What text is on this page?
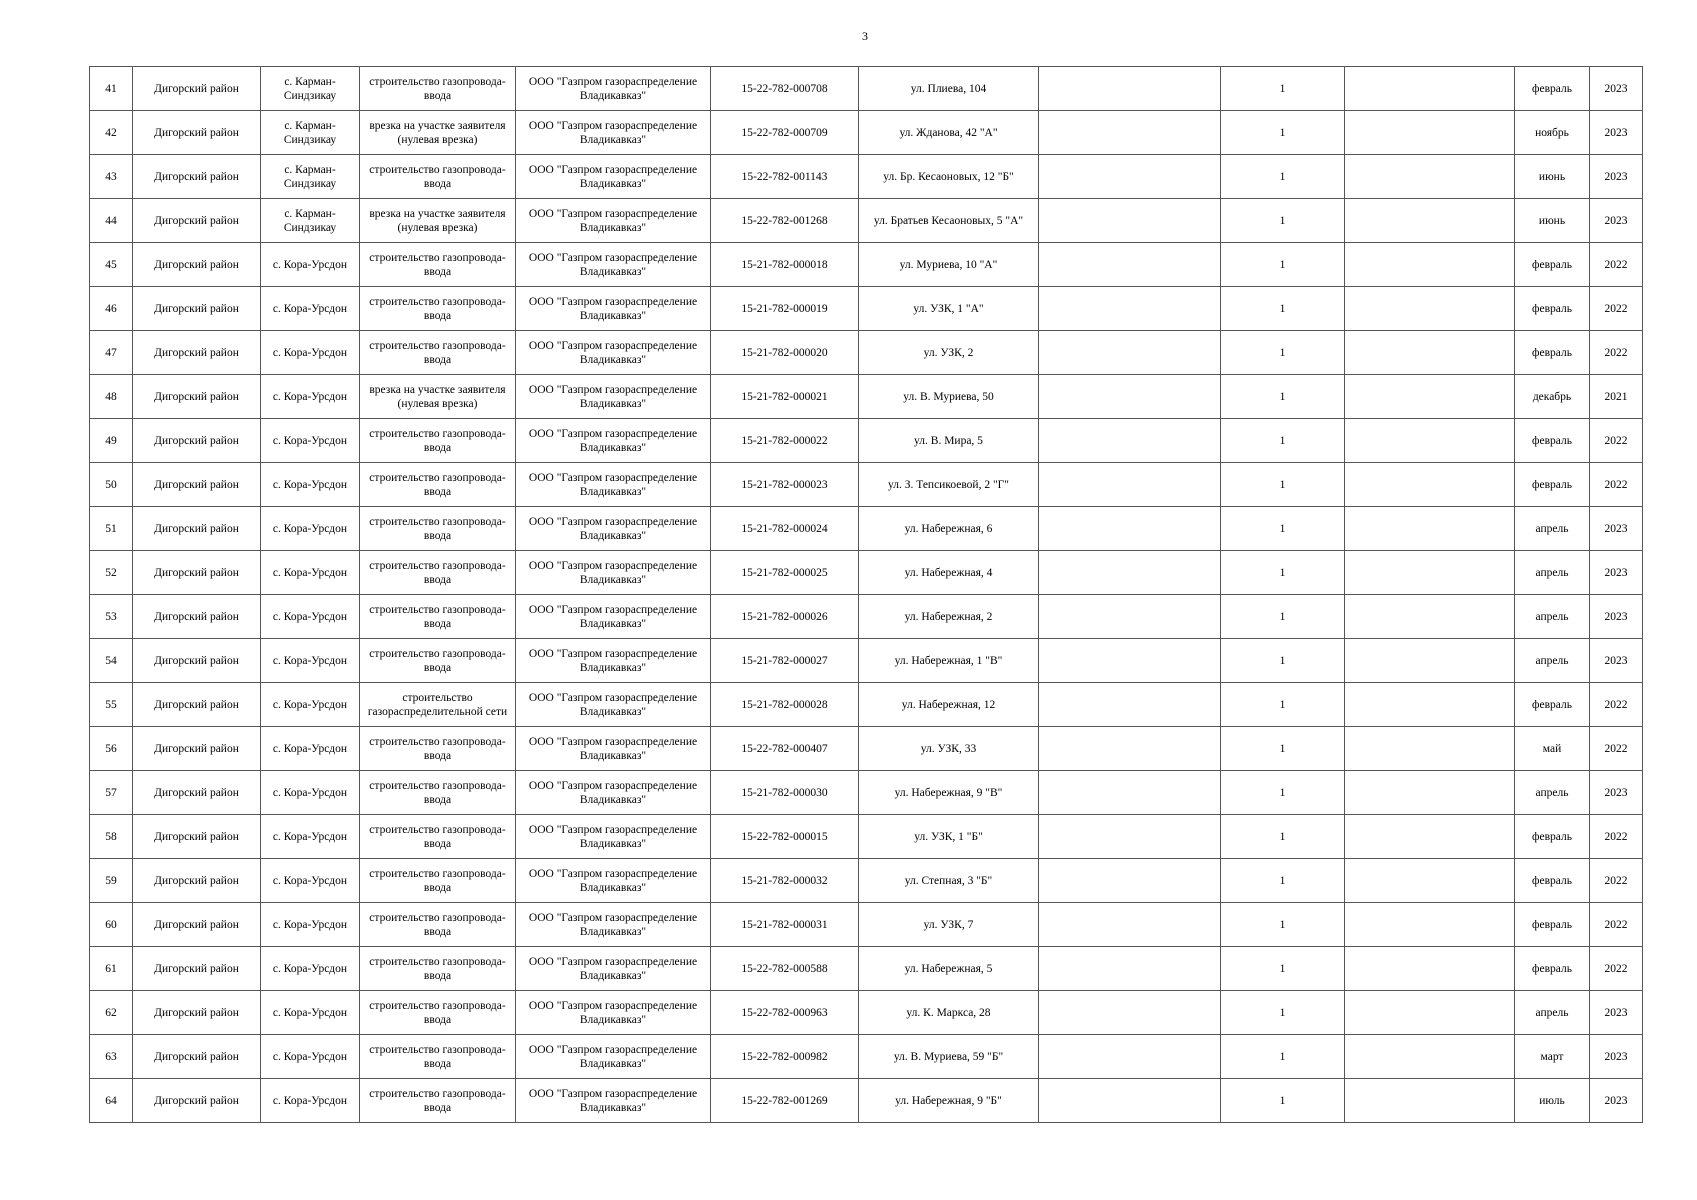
3
41	Дигорский район	с. Карман-Синдзикау	строительство газопровода-ввода	ООО "Газпром газораспределение Владикавказ"	15-22-782-000708	ул. Плиева, 104		1		февраль	2023
42	Дигорский район	с. Карман-Синдзикау	врезка на участке заявителя (нулевая врезка)	ООО "Газпром газораспределение Владикавказ"	15-22-782-000709	ул. Жданова, 42 "А"		1		ноябрь	2023
43	Дигорский район	с. Карман-Синдзикау	строительство газопровода-ввода	ООО "Газпром газораспределение Владикавказ"	15-22-782-001143	ул. Бр. Кесаоновых, 12 "Б"		1		июнь	2023
44	Дигорский район	с. Карман-Синдзикау	врезка на участке заявителя (нулевая врезка)	ООО "Газпром газораспределение Владикавказ"	15-22-782-001268	ул. Братьев Кесаоновых, 5 "А"		1		июнь	2023
45	Дигорский район	с. Кора-Урсдон	строительство газопровода-ввода	ООО "Газпром газораспределение Владикавказ"	15-21-782-000018	ул. Муриева, 10 "А"		1		февраль	2022
46	Дигорский район	с. Кора-Урсдон	строительство газопровода-ввода	ООО "Газпром газораспределение Владикавказ"	15-21-782-000019	ул. УЗК, 1 "А"		1		февраль	2022
47	Дигорский район	с. Кора-Урсдон	строительство газопровода-ввода	ООО "Газпром газораспределение Владикавказ"	15-21-782-000020	ул. УЗК, 2		1		февраль	2022
48	Дигорский район	с. Кора-Урсдон	врезка на участке заявителя (нулевая врезка)	ООО "Газпром газораспределение Владикавказ"	15-21-782-000021	ул. В. Муриева, 50		1		декабрь	2021
49	Дигорский район	с. Кора-Урсдон	строительство газопровода-ввода	ООО "Газпром газораспределение Владикавказ"	15-21-782-000022	ул. В. Мира, 5		1		февраль	2022
50	Дигорский район	с. Кора-Урсдон	строительство газопровода-ввода	ООО "Газпром газораспределение Владикавказ"	15-21-782-000023	ул. З. Тепсикоевой, 2 "Г"		1		февраль	2022
51	Дигорский район	с. Кора-Урсдон	строительство газопровода-ввода	ООО "Газпром газораспределение Владикавказ"	15-21-782-000024	ул. Набережная, 6		1		апрель	2023
52	Дигорский район	с. Кора-Урсдон	строительство газопровода-ввода	ООО "Газпром газораспределение Владикавказ"	15-21-782-000025	ул. Набережная, 4		1		апрель	2023
53	Дигорский район	с. Кора-Урсдон	строительство газопровода-ввода	ООО "Газпром газораспределение Владикавказ"	15-21-782-000026	ул. Набережная, 2		1		апрель	2023
54	Дигорский район	с. Кора-Урсдон	строительство газопровода-ввода	ООО "Газпром газораспределение Владикавказ"	15-21-782-000027	ул. Набережная, 1 "В"		1		апрель	2023
55	Дигорский район	с. Кора-Урсдон	строительство газораспределительной сети	ООО "Газпром газораспределение Владикавказ"	15-21-782-000028	ул. Набережная, 12		1		февраль	2022
56	Дигорский район	с. Кора-Урсдон	строительство газопровода-ввода	ООО "Газпром газораспределение Владикавказ"	15-22-782-000407	ул. УЗК, 33		1		май	2022
57	Дигорский район	с. Кора-Урсдон	строительство газопровода-ввода	ООО "Газпром газораспределение Владикавказ"	15-21-782-000030	ул. Набережная, 9 "В"		1		апрель	2023
58	Дигорский район	с. Кора-Урсдон	строительство газопровода-ввода	ООО "Газпром газораспределение Владикавказ"	15-22-782-000015	ул. УЗК, 1 "Б"		1		февраль	2022
59	Дигорский район	с. Кора-Урсдон	строительство газопровода-ввода	ООО "Газпром газораспределение Владикавказ"	15-21-782-000032	ул. Степная, 3 "Б"		1		февраль	2022
60	Дигорский район	с. Кора-Урсдон	строительство газопровода-ввода	ООО "Газпром газораспределение Владикавказ"	15-21-782-000031	ул. УЗК, 7		1		февраль	2022
61	Дигорский район	с. Кора-Урсдон	строительство газопровода-ввода	ООО "Газпром газораспределение Владикавказ"	15-22-782-000588	ул. Набережная, 5		1		февраль	2022
62	Дигорский район	с. Кора-Урсдон	строительство газопровода-ввода	ООО "Газпром газораспределение Владикавказ"	15-22-782-000963	ул. К. Маркса, 28		1		апрель	2023
63	Дигорский район	с. Кора-Урсдон	строительство газопровода-ввода	ООО "Газпром газораспределение Владикавказ"	15-22-782-000982	ул. В. Муриева, 59 "Б"		1		март	2023
64	Дигорский район	с. Кора-Урсдон	строительство газопровода-ввода	ООО "Газпром газораспределение Владикавказ"	15-22-782-001269	ул. Набережная, 9 "Б"		1		июль	2023
